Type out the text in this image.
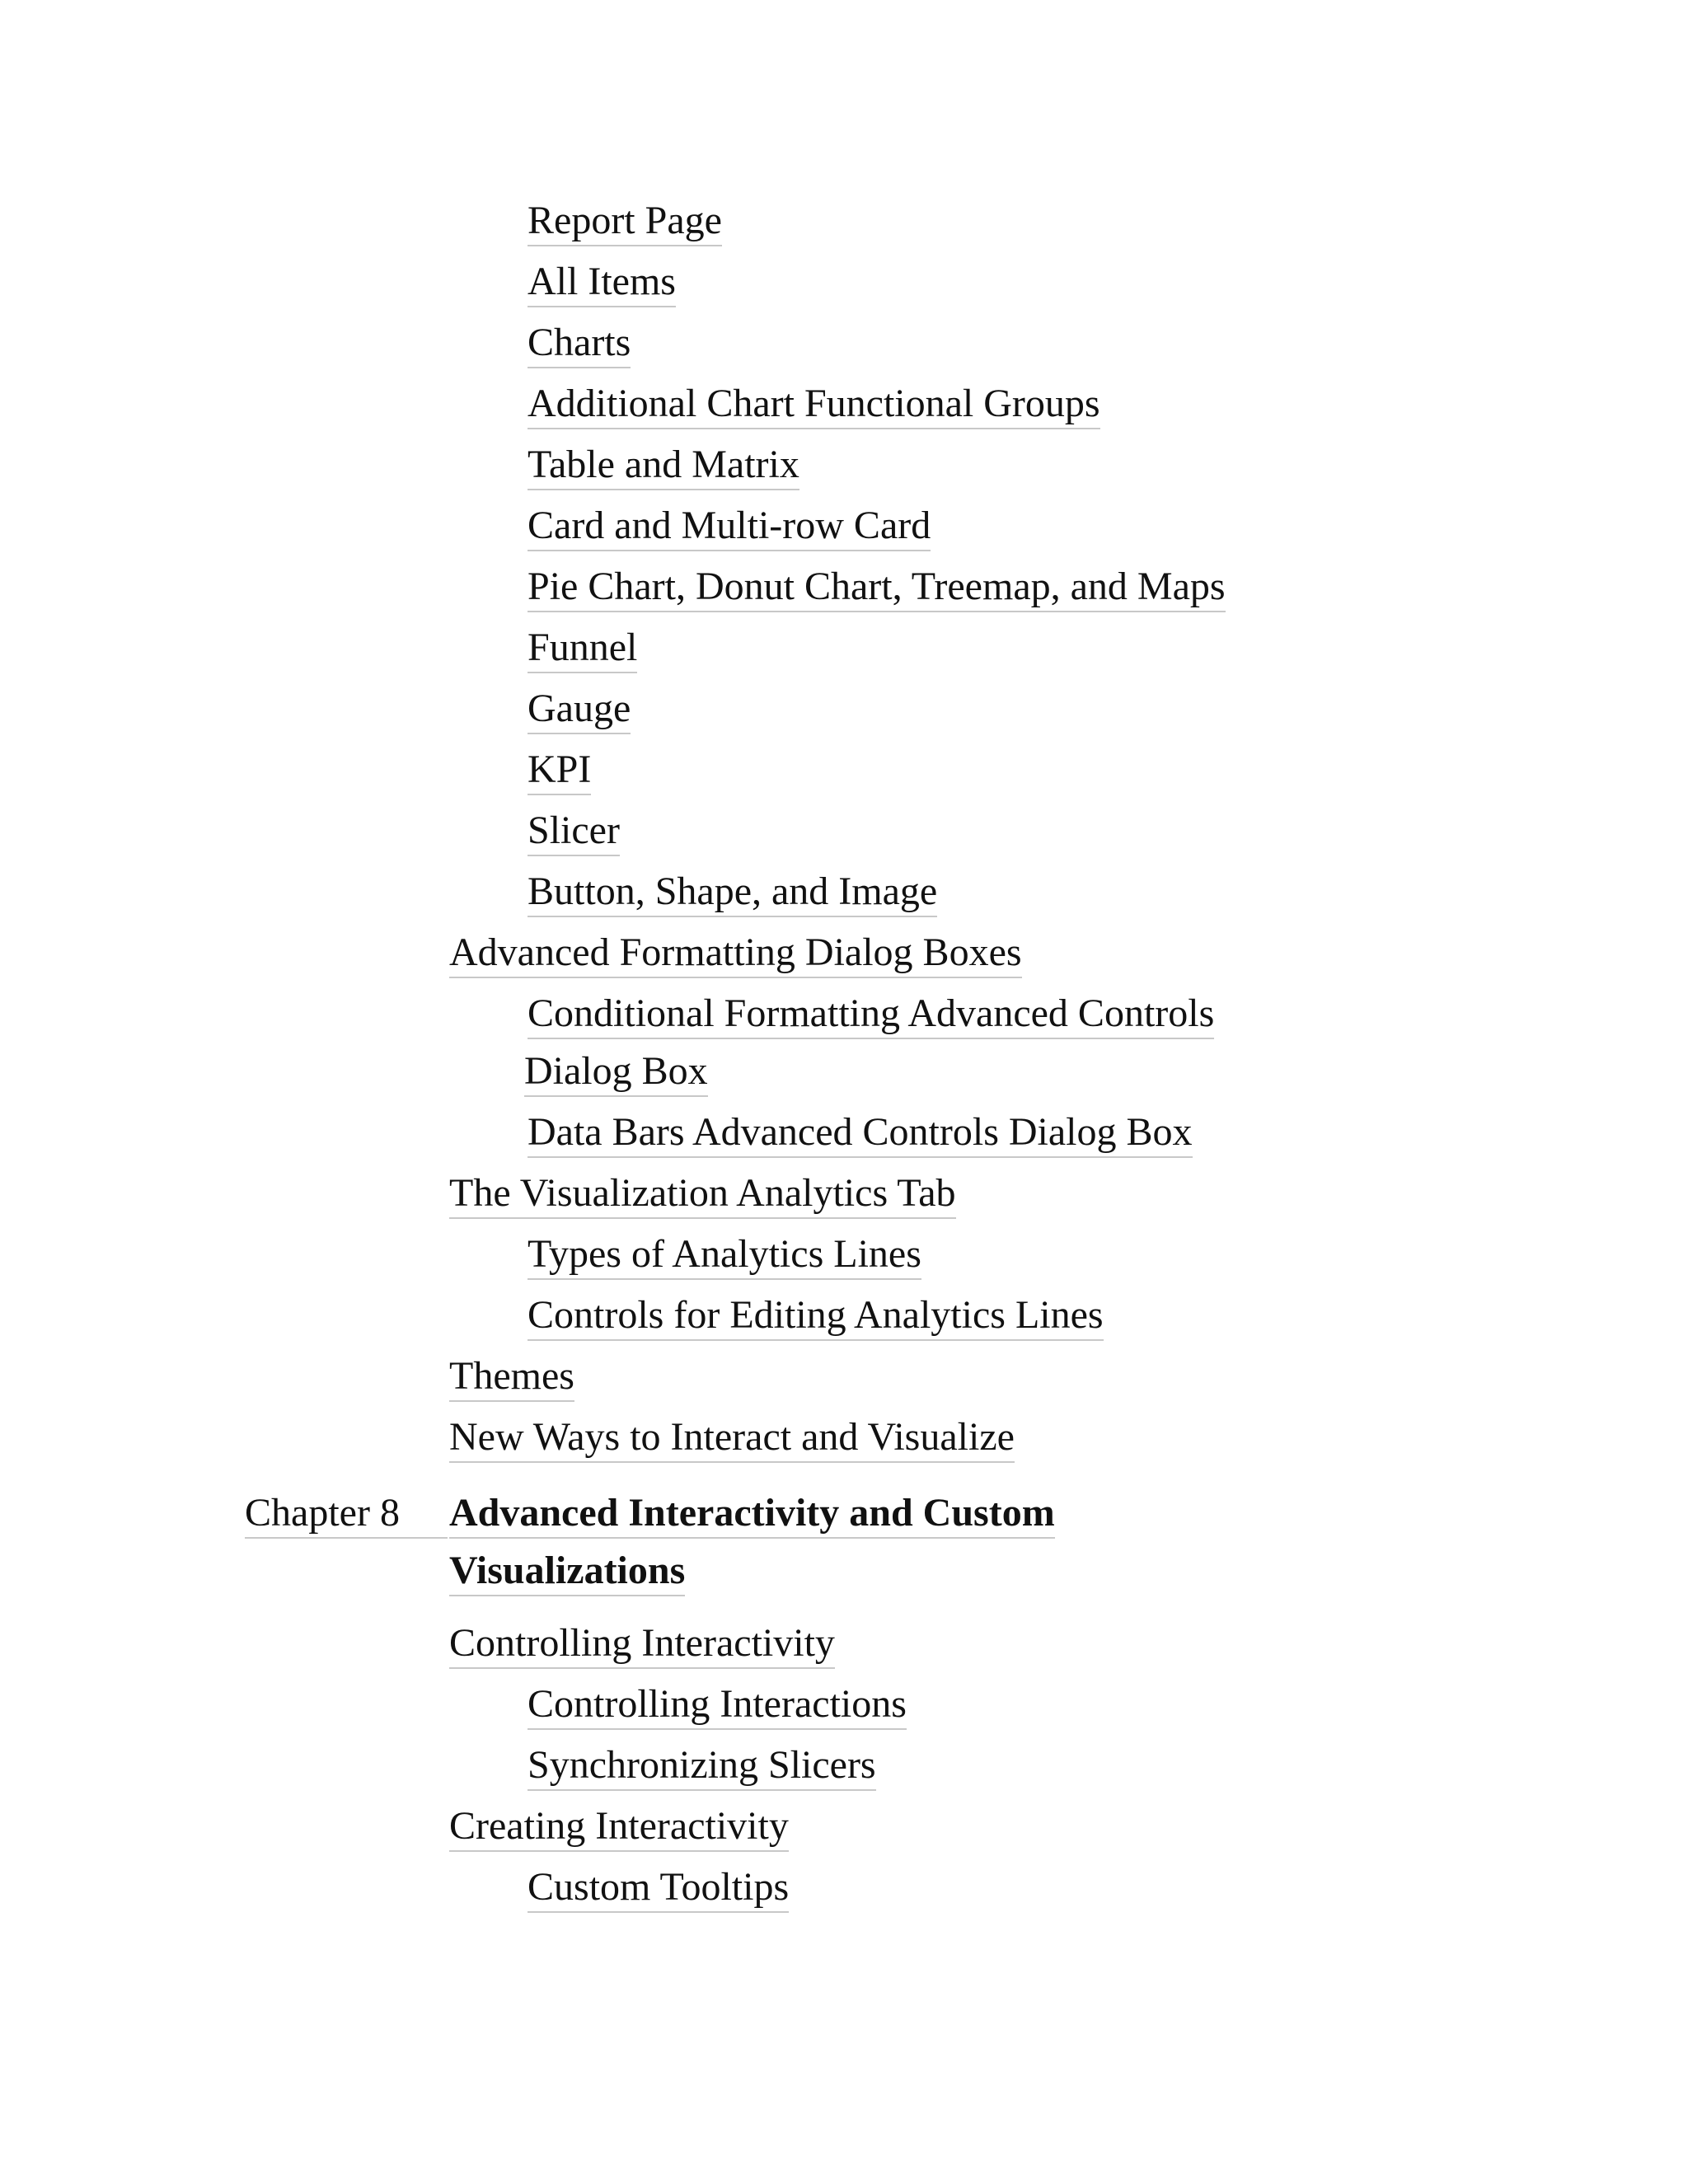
Report Page
All Items
Charts
Additional Chart Functional Groups
Table and Matrix
Card and Multi-row Card
Pie Chart, Donut Chart, Treemap, and Maps
Funnel
Gauge
KPI
Slicer
Button, Shape, and Image
Advanced Formatting Dialog Boxes
Conditional Formatting Advanced Controls
Dialog Box
Data Bars Advanced Controls Dialog Box
The Visualization Analytics Tab
Types of Analytics Lines
Controls for Editing Analytics Lines
Themes
New Ways to Interact and Visualize
Chapter 8	Advanced Interactivity and Custom
Visualizations
Controlling Interactivity
Controlling Interactions
Synchronizing Slicers
Creating Interactivity
Custom Tooltips
